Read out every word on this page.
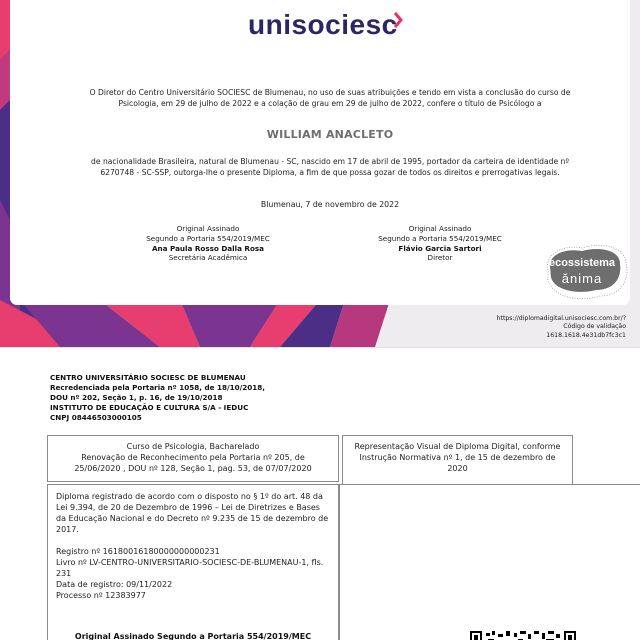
unisociesc
O Diretor do Centro Universitário SOCIESC de Blumenau, no uso de suas atribuições e tendo em vista a conclusão do curso de Psicologia, em 29 de julho de 2022 e a colação de grau em 29 de julho de 2022, confere o título de Psicólogo a
WILLIAM ANACLETO
de nacionalidade Brasileira, natural de Blumenau - SC, nascido em 17 de abril de 1995, portador da carteira de identidade nº 6270748 - SC-SSP, outorga-lhe o presente Diploma, a fim de que possa gozar de todos os direitos e prerrogativas legais.
Blumenau, 7 de novembro de 2022
Original Assinado
Segundo a Portaria 554/2019/MEC
Ana Paula Rosso Dalla Rosa
Secretária Acadêmica
Original Assinado
Segundo a Portaria 554/2019/MEC
Flávio Garcia Sartori
Diretor	ecossistema
ănima
https://diplomadigital.unisociesc.com.br/?
Código de validação
1618.1618.4e31db7fc3c1
CENTRO UNIVERSITÁRIO SOCIESC DE BLUMENAU
Recredenciada pela Portaria nº 1058, de 18/10/2018,
DOU nº 202, Seção 1, p. 16, de 19/10/2018
INSTITUTO DE EDUCAÇÃO E CULTURA S/A - IEDUC
CNPJ 08446503000105
Curso de Psicologia, Bacharelado
Renovação de Reconhecimento pela Portaria nº 205, de
25/06/2020 , DOU nº 128, Seção 1, pag. 53, de 07/07/2020
Representação Visual de Diploma Digital, conforme
Instrução Normativa nº 1, de 15 de dezembro de
2020

Diploma registrado de acordo com o disposto no § 1º do art. 48 da Lei 9.394, de 20 de Dezembro de 1996 – Lei de Diretrizes e Bases da Educação Nacional e do Decreto nº 9.235 de 15 de dezembro de 2017.

Registro nº 16180016180000000000231

Livro nº LV-CENTRO-UNIVERSITARIO-SOCIESC-DE-BLUMENAU-1, fls. 231

Data de registro: 09/11/2022

Processo nº 12383977

Original Assinado Segundo a Portaria 554/2019/MEC
